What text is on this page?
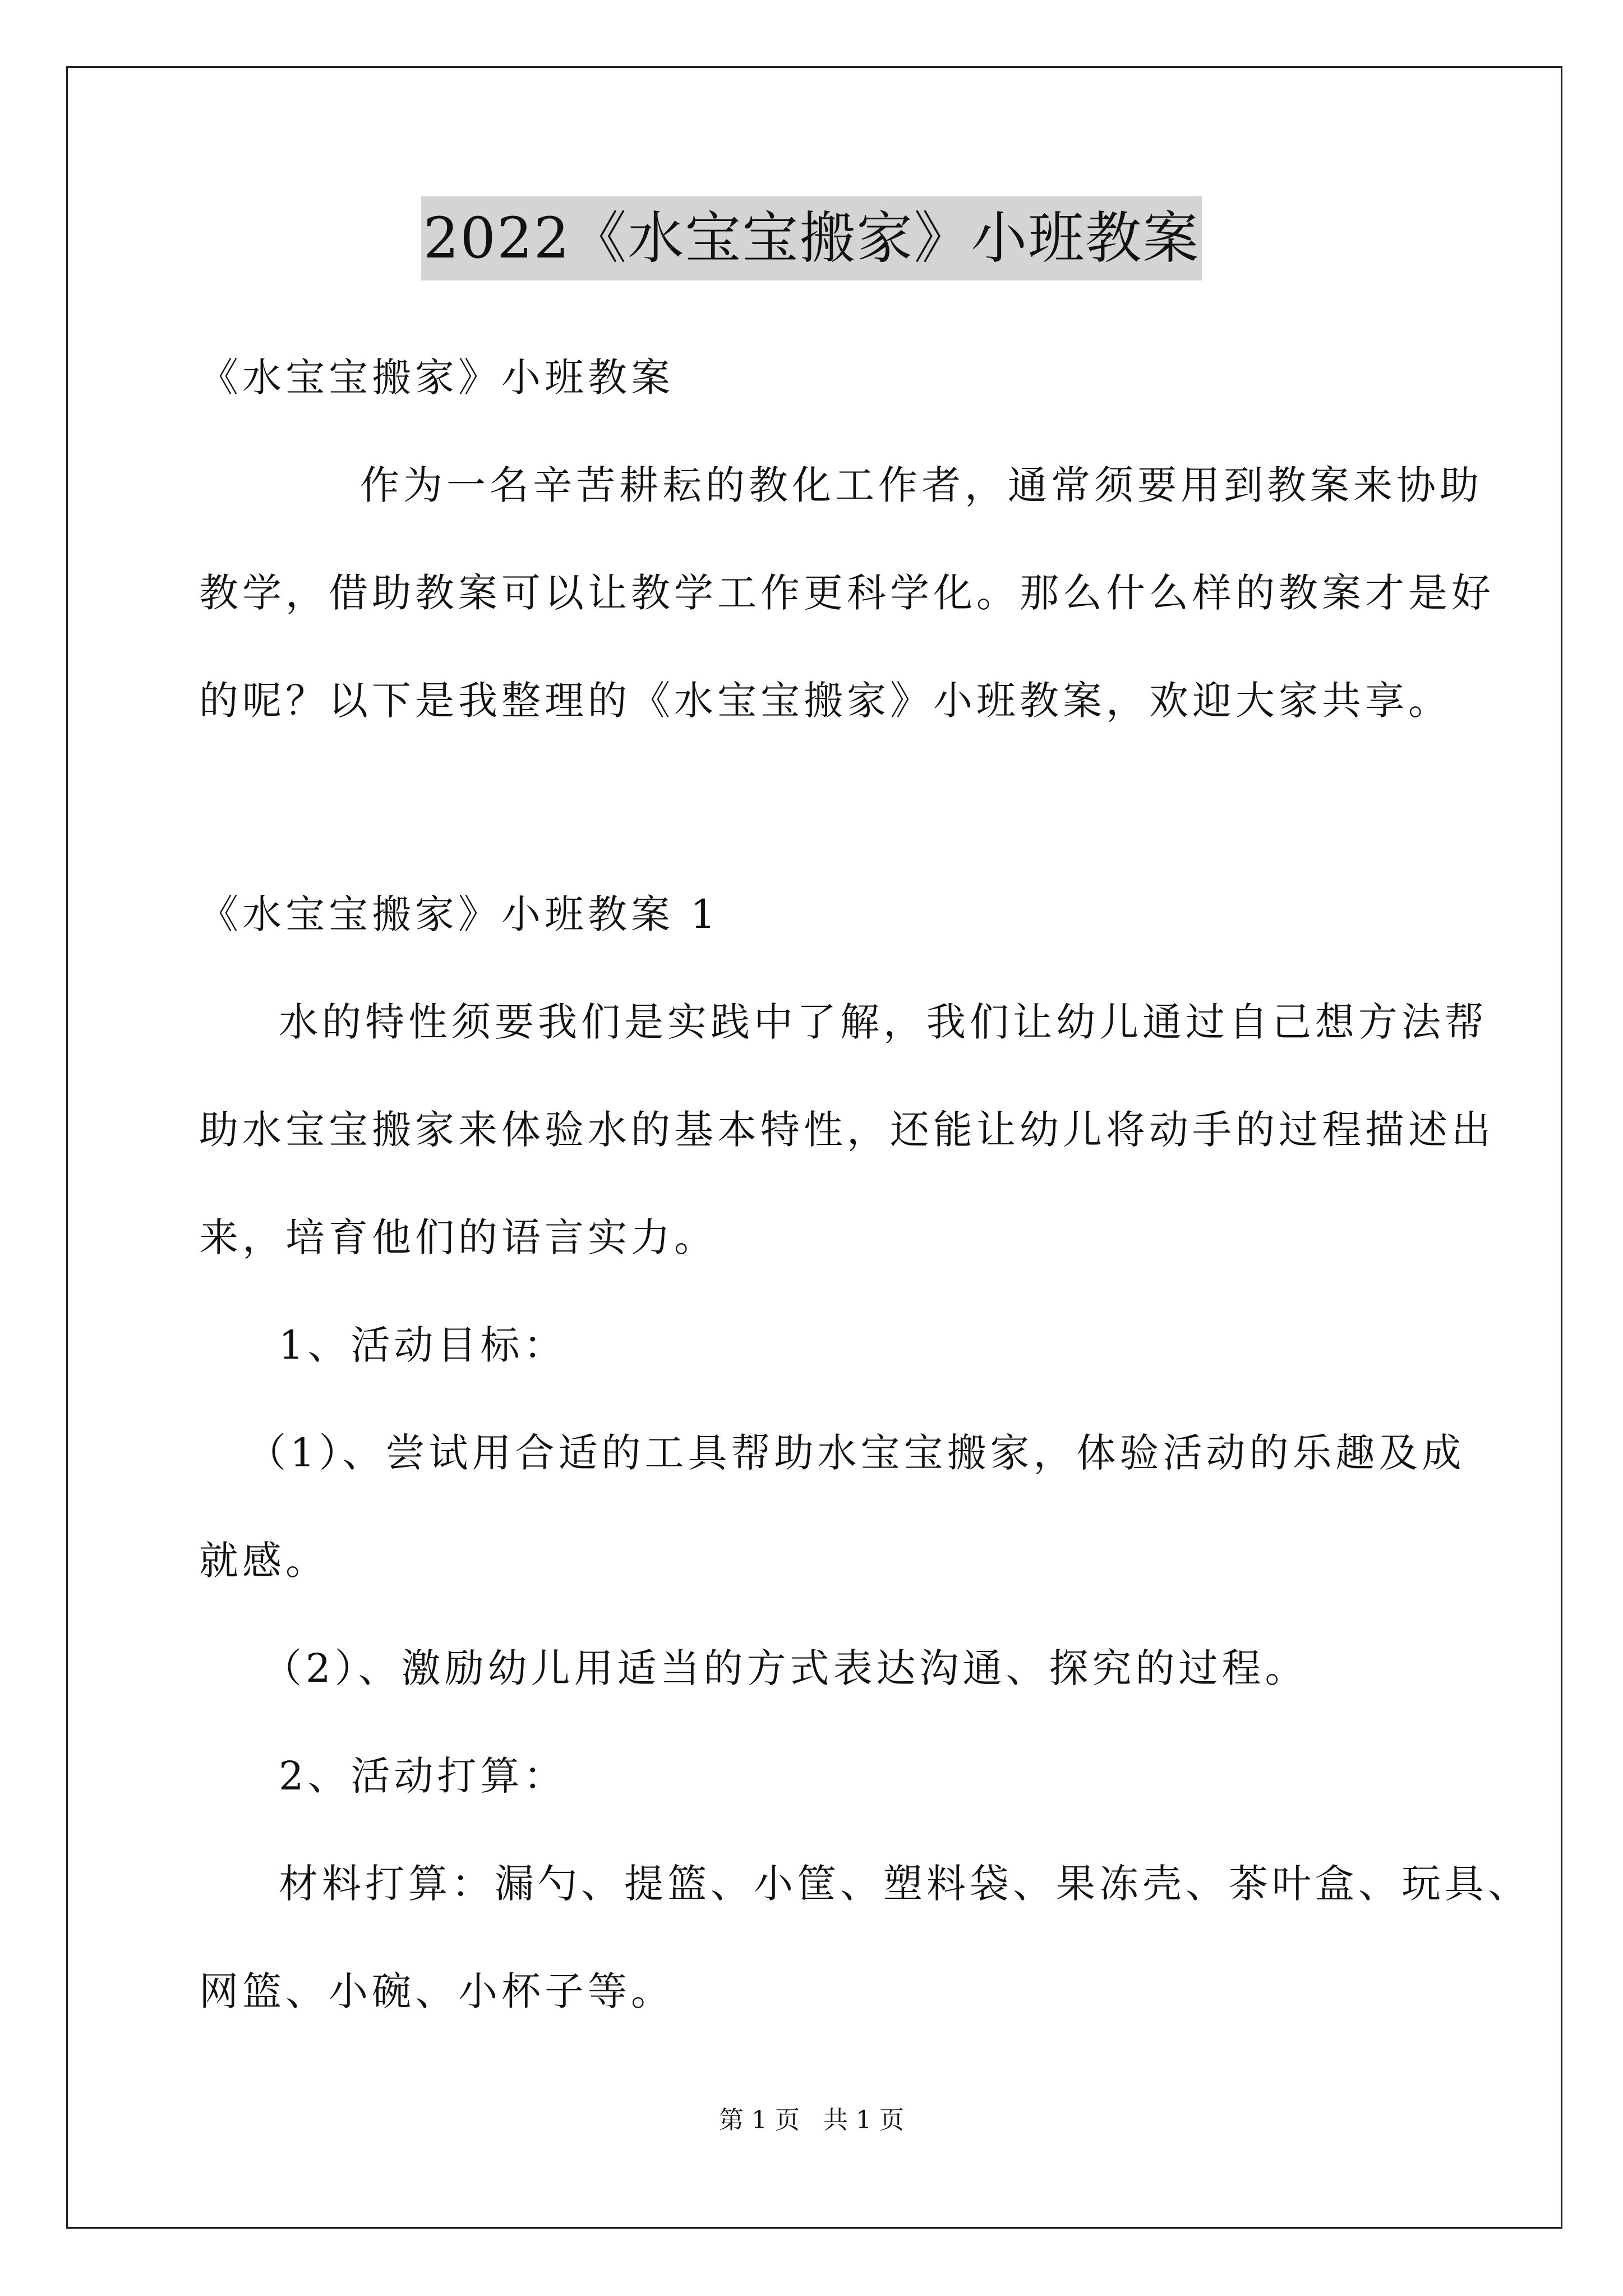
2022《水宝宝搬家》小班教案
《水宝宝搬家》小班教案
作为一名辛苦耕耘的教化工作者，通常须要用到教案来协助
教学，借助教案可以让教学工作更科学化。那么什么样的教案才是好
的呢？以下是我整理的《水宝宝搬家》小班教案，欢迎大家共享。
《水宝宝搬家》小班教案 1
水的特性须要我们是实践中了解，我们让幼儿通过自己想方法帮
助水宝宝搬家来体验水的基本特性，还能让幼儿将动手的过程描述出
来，培育他们的语言实力。
1、活动目标：
（1）、尝试用合适的工具帮助水宝宝搬家，体验活动的乐趣及成
就感。
（2）、激励幼儿用适当的方式表达沟通、探究的过程。
2、活动打算：
材料打算：漏勺、提篮、小筐、塑料袋、果冻壳、茶叶盒、玩具、
网篮、小碗、小杯子等。
第 1 页   共 1 页
